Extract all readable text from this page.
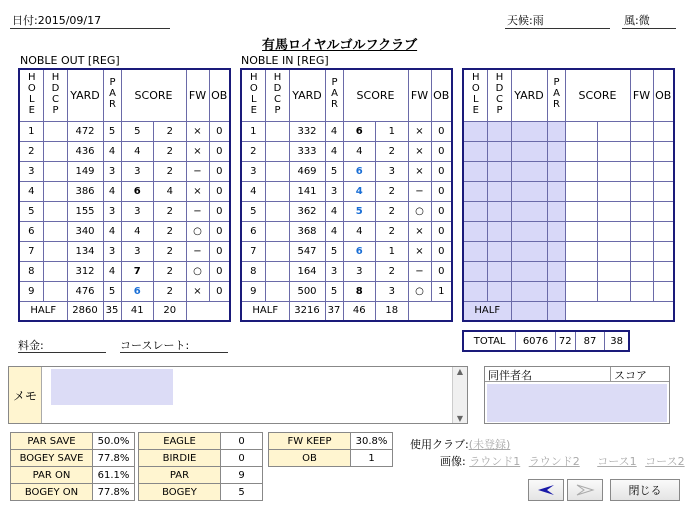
日付:2015/09/17	天候:雨	風:微
有馬ロイヤルゴルフクラブ
NOBLE OUT [REG]	NOBLE IN [REG]
HOLE	HDCP	YARD	PAR	SCORE		FW	OB
1		472	5	5	2	×	0
2		436	4	4	2	×	0
3		149	3	3	2	−	0
4		386	4	6	4	×	0
5		155	3	3	2	−	0
6		340	4	4	2	○	0
7		134	3	3	2	−	0
8		312	4	7	2	○	0
9		476	5	6	2	×	0
HALF		2860	35	41	20		
HOLE	HDCP	YARD	PAR	SCORE		FW	OB
1		332	4	6	1	×	0
2		333	4	4	2	×	0
3		469	5	6	3	×	0
4		141	3	4	2	−	0
5		362	4	5	2	○	0
6		368	4	4	2	×	0
7		547	5	6	1	×	0
8		164	3	3	2	−	0
9		500	5	8	3	○	1
HALF		3216	37	46	18		
HOLE	HDCP	YARD	PAR	SCORE		FW	OB

HALF							
TOTAL	6076	72	87	38
料金:	コースレート:
メモ
▲
▼
同伴者名	スコア
PAR SAVE	50.0%
BOGEY SAVE	77.8%
PAR ON	61.1%
BOGEY ON	77.8%
EAGLE	0
BIRDIE	0
PAR	9
BOGEY	5
FW KEEP	30.8%
OB	1
使用クラブ:(未登録)
画像: ラウンド1 ラウンド2 コース1 コース2
閉じる
